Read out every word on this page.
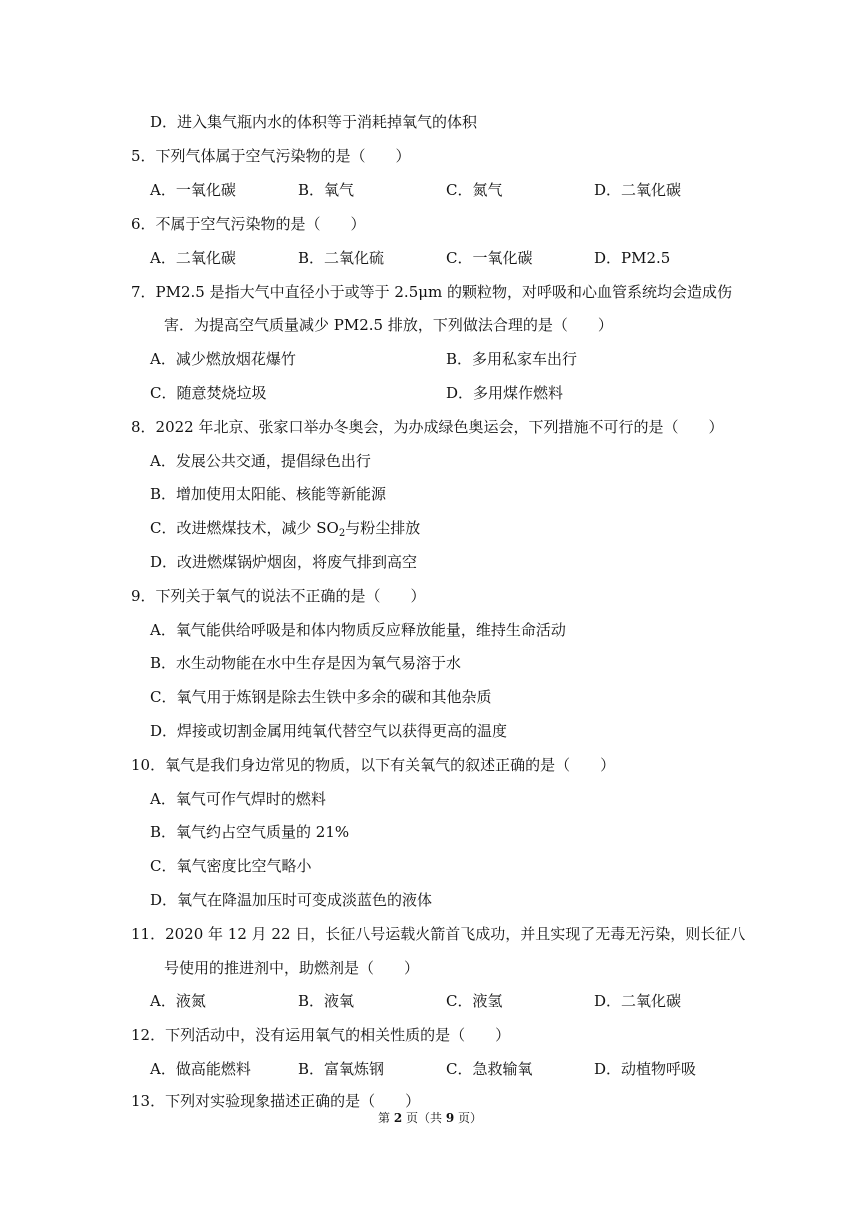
D．进入集气瓶内水的体积等于消耗掉氧气的体积
5．下列气体属于空气污染物的是（　　）
A．一氧化碳	B．氧气	C．氮气	D．二氧化碳
6．不属于空气污染物的是（　　）
A．二氧化碳	B．二氧化硫	C．一氧化碳	D．PM2.5
7．PM2.5 是指大气中直径小于或等于 2.5μm 的颗粒物，对呼吸和心血管系统均会造成伤
害．为提高空气质量减少 PM2.5 排放，下列做法合理的是（　　）
A．减少燃放烟花爆竹	B．多用私家车出行
C．随意焚烧垃圾	D．多用煤作燃料
8．2022 年北京、张家口举办冬奥会，为办成绿色奥运会，下列措施不可行的是（　　）
A．发展公共交通，提倡绿色出行
B．增加使用太阳能、核能等新能源
C．改进燃煤技术，减少 $SO_2$与粉尘排放
D．改进燃煤锅炉烟囱，将废气排到高空
9．下列关于氧气的说法不正确的是（　　）
A．氧气能供给呼吸是和体内物质反应释放能量，维持生命活动
B．水生动物能在水中生存是因为氧气易溶于水
C．氧气用于炼钢是除去生铁中多余的碳和其他杂质
D．焊接或切割金属用纯氧代替空气以获得更高的温度
10．氧气是我们身边常见的物质，以下有关氧气的叙述正确的是（　　）
A．氧气可作气焊时的燃料
B．氧气约占空气质量的 21%
C．氧气密度比空气略小
D．氧气在降温加压时可变成淡蓝色的液体
11．2020 年 12 月 22 日，长征八号运载火箭首飞成功，并且实现了无毒无污染，则长征八
号使用的推进剂中，助燃剂是（　　）
A．液氮	B．液氧	C．液氢	D．二氧化碳
12．下列活动中，没有运用氧气的相关性质的是（　　）
A．做高能燃料	B．富氧炼钢	C．急救输氧	D．动植物呼吸
13．下列对实验现象描述正确的是（　　）
第 2 页（共 9 页）
